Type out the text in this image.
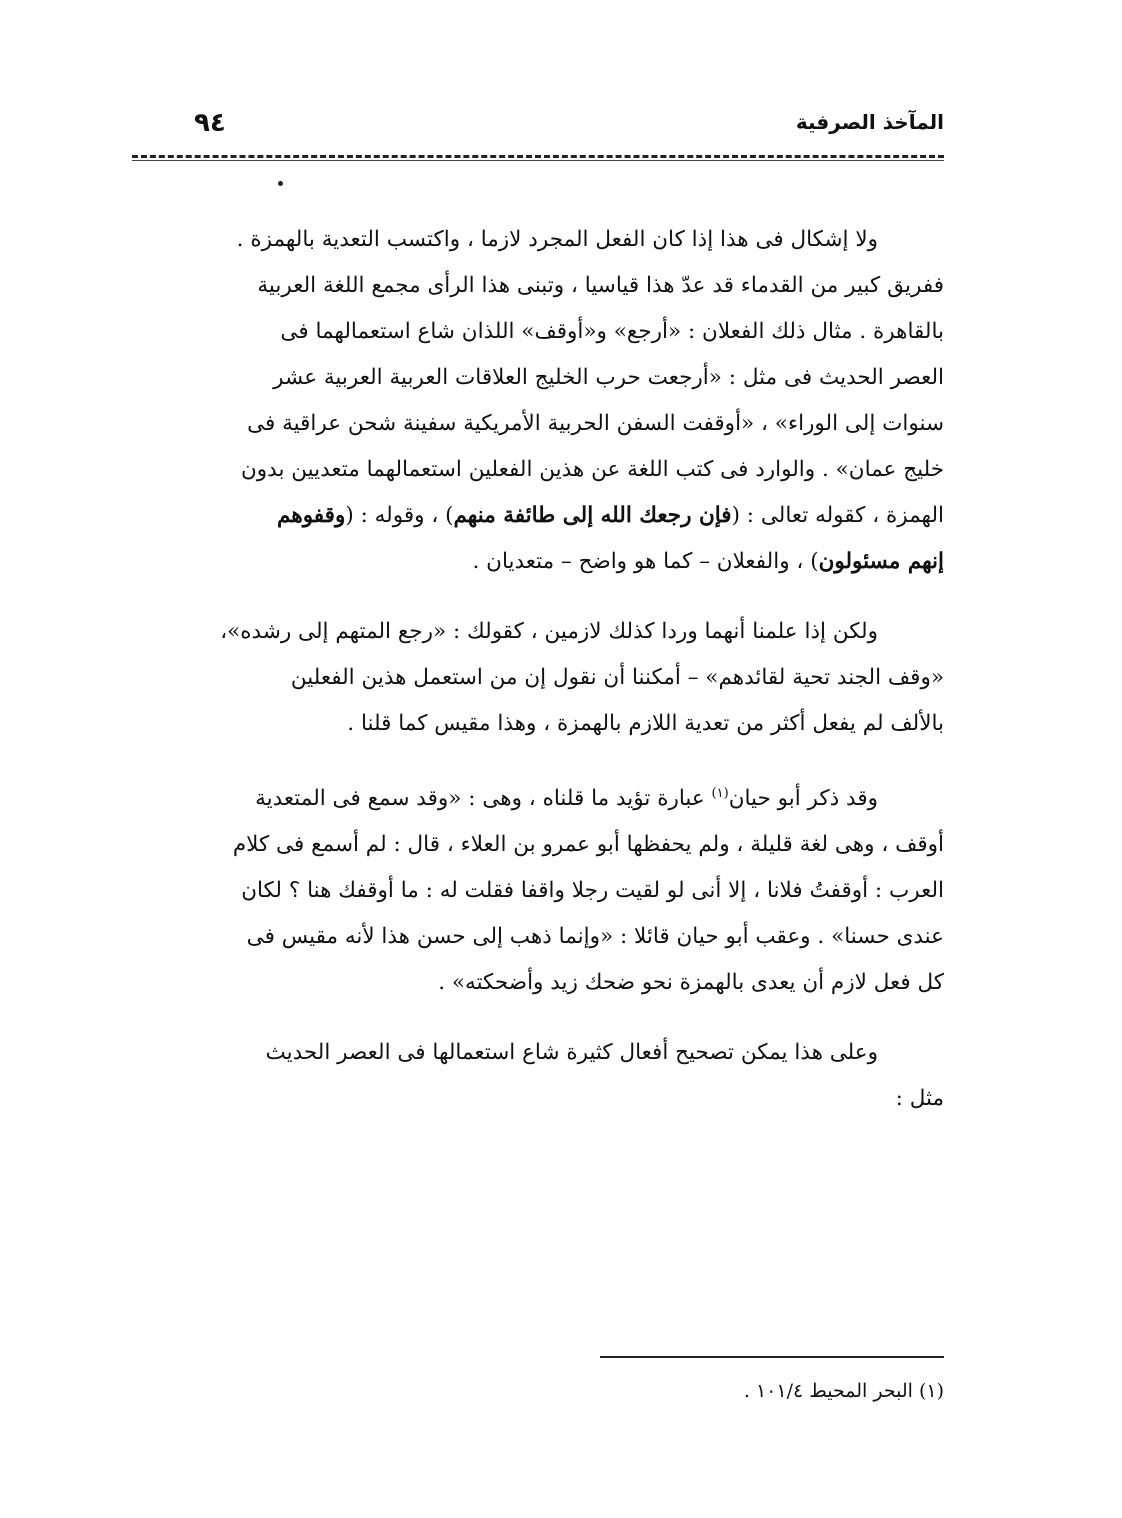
٩٤	المآخذ الصرفية

ولا إشكال فى هذا إذا كان الفعل المجرد لازما ، واكتسب التعدية بالهمزة .
ففريق كبير من القدماء قد عدّ هذا قياسيا ، وتبنى هذا الرأى مجمع اللغة العربية
بالقاهرة . مثال ذلك الفعلان : «أرجع» و«أوقف» اللذان شاع استعمالهما فى
العصر الحديث فى مثل : «أرجعت حرب الخليج العلاقات العربية العربية عشر
سنوات إلى الوراء» ، «أوقفت السفن الحربية الأمريكية سفينة شحن عراقية فى
خليج عمان» . والوارد فى كتب اللغة عن هذين الفعلين استعمالهما متعديين بدون
الهمزة ، كقوله تعالى : (فإن رجعك الله إلى طائفة منهم) ، وقوله : (وقفوهم
إنهم مسئولون) ، والفعلان – كما هو واضح – متعديان .

ولكن إذا علمنا أنهما وردا كذلك لازمين ، كقولك : «رجع المتهم إلى رشده»،
«وقف الجند تحية لقائدهم» – أمكننا أن نقول إن من استعمل هذين الفعلين
بالألف لم يفعل أكثر من تعدية اللازم بالهمزة ، وهذا مقيس كما قلنا .

وقد ذكر أبو حيان$^{(١)}$ عبارة تؤيد ما قلناه ، وهى : «وقد سمع فى المتعدية
أوقف ، وهى لغة قليلة ، ولم يحفظها أبو عمرو بن العلاء ، قال : لم أسمع فى كلام
العرب : أوقفتُ فلانا ، إلا أنى لو لقيت رجلا واقفا فقلت له : ما أوقفك هنا ؟ لكان
عندى حسنا» . وعقب أبو حيان قائلا : «وإنما ذهب إلى حسن هذا لأنه مقيس فى
كل فعل لازم أن يعدى بالهمزة نحو ضحك زيد وأضحكته» .

وعلى هذا يمكن تصحيح أفعال كثيرة شاع استعمالها فى العصر الحديث
مثل :

(١) البحر المحيط ١٠١/٤ .
